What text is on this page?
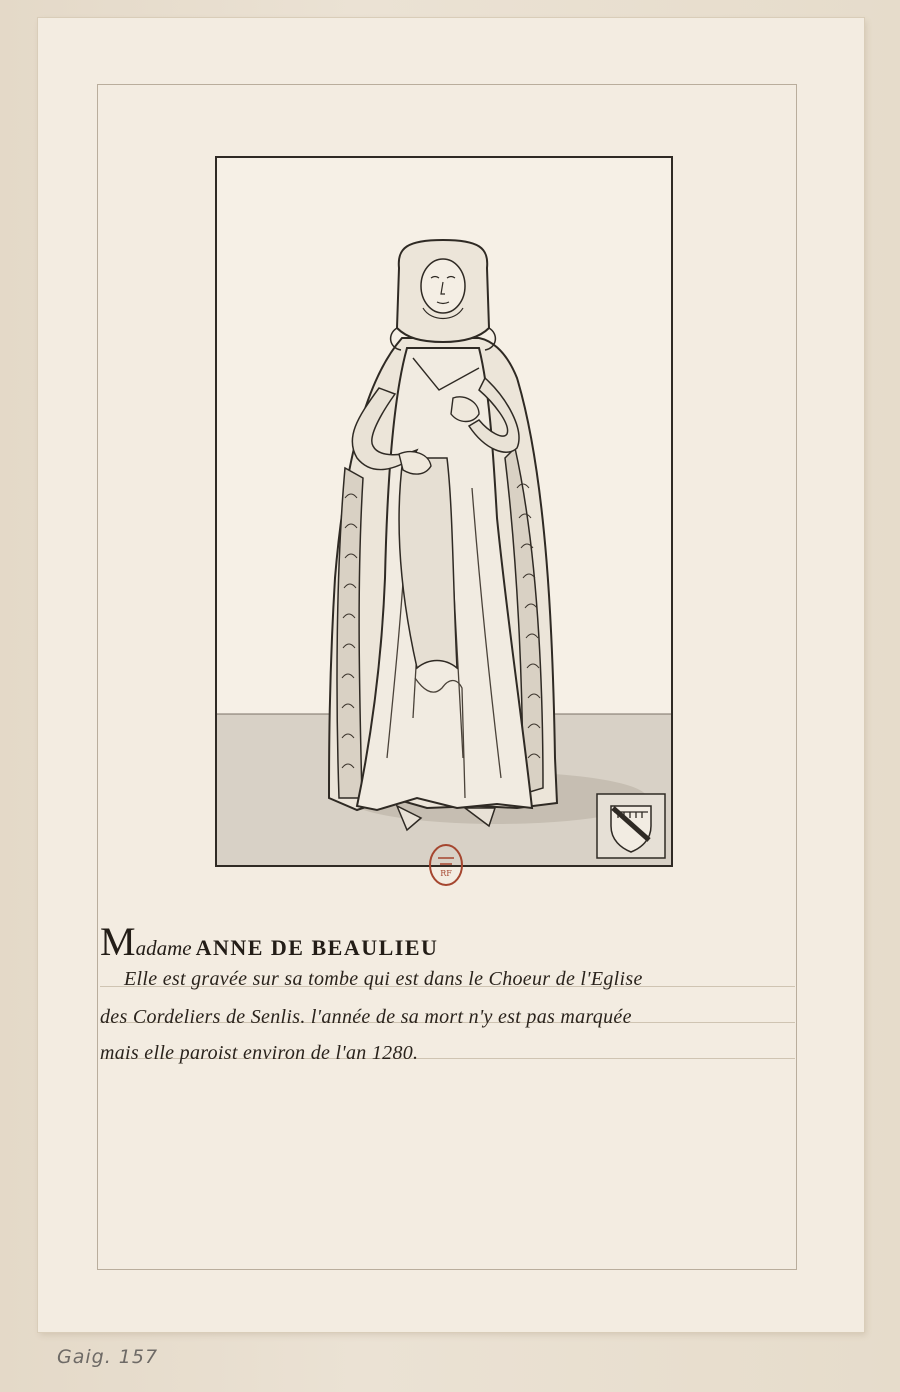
RF
Madame ANNE DE BEAULIEU
Elle est gravée sur sa tombe qui est dans le Choeur de l'Eglise
des Cordeliers de Senlis. l'année de sa mort n'y est pas marquée
mais elle paroist environ de l'an 1280.
Gaig. 157
